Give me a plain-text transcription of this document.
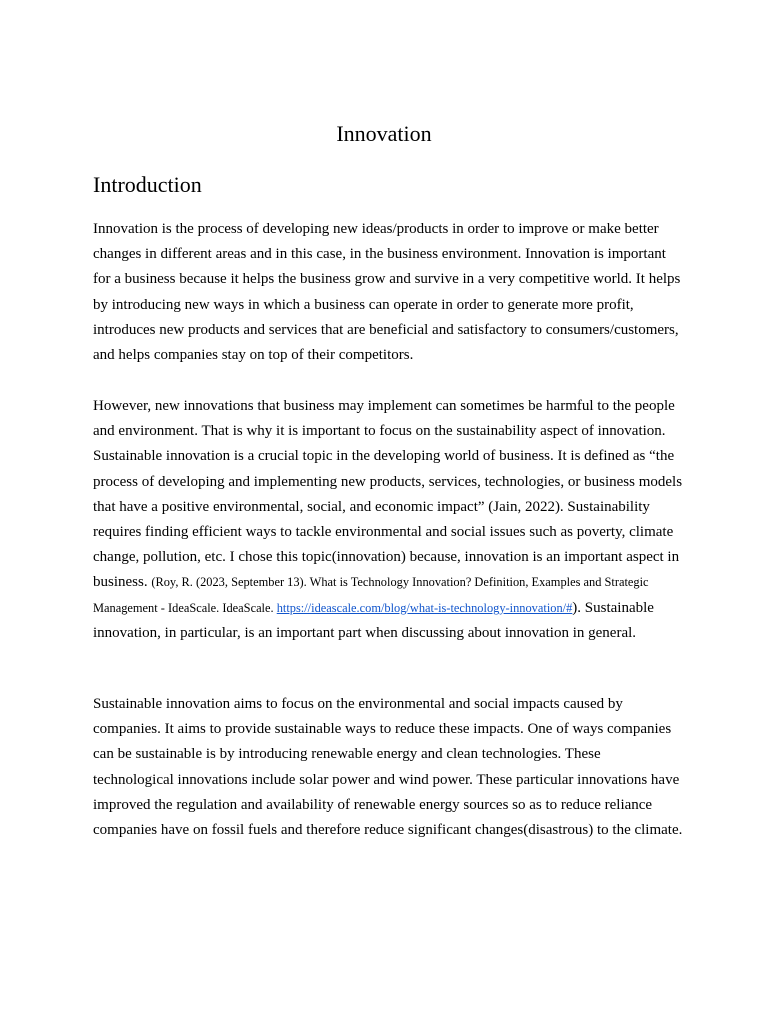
Innovation
Introduction

Innovation is the process of developing new ideas/products in order to improve or make better changes in different areas and in this case, in the business environment. Innovation is important for a business because it helps the business grow and survive in a very competitive world. It helps by introducing new ways in which a business can operate in order to generate more profit, introduces new products and services that are beneficial and satisfactory to consumers/customers, and helps companies stay on top of their competitors.

However, new innovations that business may implement can sometimes be harmful to the people and environment. That is why it is important to focus on the sustainability aspect of innovation. Sustainable innovation is a crucial topic in the developing world of business. It is defined as “the process of developing and implementing new products, services, technologies, or business models that have a positive environmental, social, and economic impact” (Jain, 2022). Sustainability requires finding efficient ways to tackle environmental and social issues such as poverty, climate change, pollution, etc. I chose this topic(innovation) because, innovation is an important aspect in business. (Roy, R. (2023, September 13). What is Technology Innovation? Definition, Examples and Strategic Management - IdeaScale. IdeaScale. https://ideascale.com/blog/what-is-technology-innovation/#). Sustainable innovation, in particular, is an important part when discussing about innovation in general.

Sustainable innovation aims to focus on the environmental and social impacts caused by companies. It aims to provide sustainable ways to reduce these impacts. One of ways companies can be sustainable is by introducing renewable energy and clean technologies. These technological innovations include solar power and wind power. These particular innovations have improved the regulation and availability of renewable energy sources so as to reduce reliance companies have on fossil fuels and therefore reduce significant changes(disastrous) to the climate.
